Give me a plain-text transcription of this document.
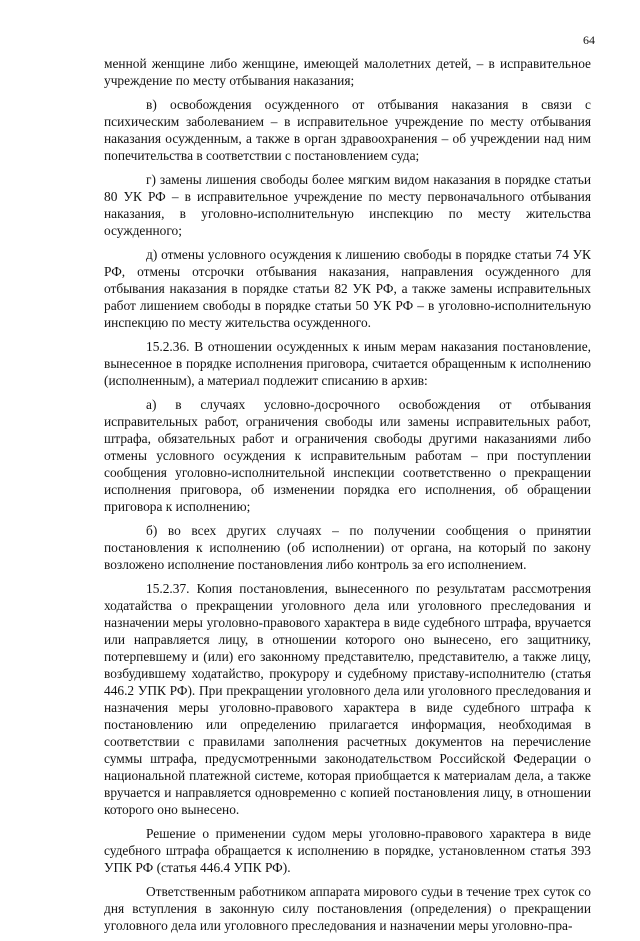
64

менной женщине либо женщине, имеющей малолетних детей, – в исправительное учреждение по месту отбывания наказания;

в) освобождения осужденного от отбывания наказания в связи с психическим заболеванием – в исправительное учреждение по месту отбывания наказания осужденным, а также в орган здравоохранения – об учреждении над ним попечительства в соответствии с постановлением суда;

г) замены лишения свободы более мягким видом наказания в порядке статьи 80 УК РФ – в исправительное учреждение по месту первоначального отбывания наказания, в уголовно-исполнительную инспекцию по месту жительства осужденного;

д) отмены условного осуждения к лишению свободы в порядке статьи 74 УК РФ, отмены отсрочки отбывания наказания, направления осужденного для отбывания наказания в порядке статьи 82 УК РФ, а также замены исправительных работ лишением свободы в порядке статьи 50 УК РФ – в уголовно-исполнительную инспекцию по месту жительства осужденного.

15.2.36. В отношении осужденных к иным мерам наказания постановление, вынесенное в порядке исполнения приговора, считается обращенным к исполнению (исполненным), а материал подлежит списанию в архив:

а) в случаях условно-досрочного освобождения от отбывания исправительных работ, ограничения свободы или замены исправительных работ, штрафа, обязательных работ и ограничения свободы другими наказаниями либо отмены условного осуждения к исправительным работам – при поступлении сообщения уголовно-исполнительной инспекции соответственно о прекращении исполнения приговора, об изменении порядка его исполнения, об обращении приговора к исполнению;

б) во всех других случаях – по получении сообщения о принятии постановления к исполнению (об исполнении) от органа, на который по закону возложено исполнение постановления либо контроль за его исполнением.

15.2.37. Копия постановления, вынесенного по результатам рассмотрения ходатайства о прекращении уголовного дела или уголовного преследования и назначении меры уголовно-правового характера в виде судебного штрафа, вручается или направляется лицу, в отношении которого оно вынесено, его защитнику, потерпевшему и (или) его законному представителю, представителю, а также лицу, возбудившему ходатайство, прокурору и судебному приставу-исполнителю (статья 446.2 УПК РФ). При прекращении уголовного дела или уголовного преследования и назначения меры уголовно-правового характера в виде судебного штрафа к постановлению или определению прилагается информация, необходимая в соответствии с правилами заполнения расчетных документов на перечисление суммы штрафа, предусмотренными законодательством Российской Федерации о национальной платежной системе, которая приобщается к материалам дела, а также вручается и направляется одновременно с копией постановления лицу, в отношении которого оно вынесено.

Решение о применении судом меры уголовно-правового характера в виде судебного штрафа обращается к исполнению в порядке, установленном статья 393 УПК РФ (статья 446.4 УПК РФ).

Ответственным работником аппарата мирового судьи в течение трех суток со дня вступления в законную силу постановления (определения) о прекращении уголовного дела или уголовного преследования и назначении меры уголовно-пра-
